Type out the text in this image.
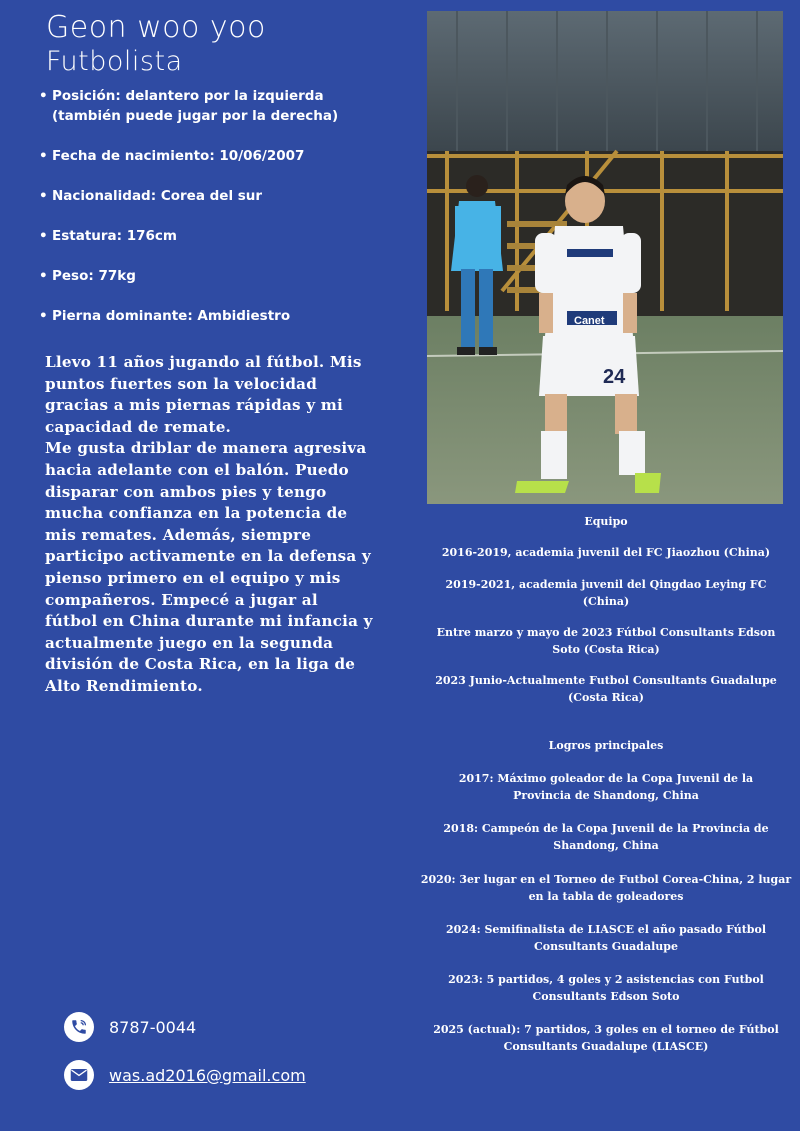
Geon woo yoo
Futbolista
• Posición: delantero por la izquierda (también puede jugar por la derecha)
• Fecha de nacimiento: 10/06/2007
• Nacionalidad: Corea del sur
• Estatura: 176cm
• Peso: 77kg
• Pierna dominante: Ambidiestro

Llevo 11 años jugando al fútbol. Mis puntos fuertes son la velocidad gracias a mis piernas rápidas y mi capacidad de remate.

Me gusta driblar de manera agresiva hacia adelante con el balón. Puedo disparar con ambos pies y tengo mucha confianza en la potencia de mis remates. Además, siempre participo activamente en la defensa y pienso primero en el equipo y mis compañeros. Empecé a jugar al fútbol en China durante mi infancia y actualmente juego en la segunda división de Costa Rica, en la liga de Alto Rendimiento.

8787-0044
was.ad2016@gmail.com
Canet
24

Equipo

2016-2019, academia juvenil del FC Jiaozhou (China)

2019-2021, academia juvenil del Qingdao Leying FC (China)

Entre marzo y mayo de 2023 Fútbol Consultants Edson Soto (Costa Rica)

2023 Junio-Actualmente Futbol Consultants Guadalupe (Costa Rica)

Logros principales

2017: Máximo goleador de la Copa Juvenil de la Provincia de Shandong, China

2018: Campeón de la Copa Juvenil de la Provincia de Shandong, China

2020: 3er lugar en el Torneo de Futbol Corea-China, 2 lugar en la tabla de goleadores

2024: Semifinalista de LIASCE el año pasado Fútbol Consultants Guadalupe

2023: 5 partidos, 4 goles y 2 asistencias con Futbol Consultants Edson Soto

2025 (actual): 7 partidos, 3 goles en el torneo de Fútbol Consultants Guadalupe (LIASCE)
